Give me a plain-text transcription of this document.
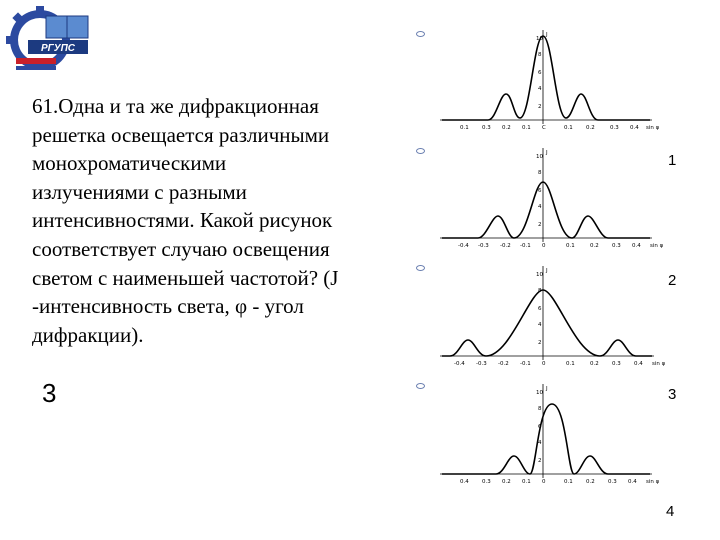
РГУПС
61.Одна и та же дифракционная
решетка освещается различными
монохроматическими
излучениями с разными
интенсивностями. Какой рисунок
соответствует случаю освещения
светом с наименьшей частотой? (J
-интенсивность света, φ - угол
дифракции).
3
1
2
3
4
J
sin φ
10
8
6
4
2
0.1 0.3 0.2 0.1 C	0.1 0.2	0.3 0.4
J
sin φ
10
8
6
4
2
-0.4 -0.3 -0.2 -0.1 0	0.1	0.2 0.3 0.4
J
sin φ
10
8
6
4
2
-0.4 -0.3 -0.2 -0.1 0	0.1	0.2 0.3 0.4
J
sin φ
10
8
6
4
2
0.4 0.3 0.2 0.1 0	0.1 0.2 0.3 0.4
